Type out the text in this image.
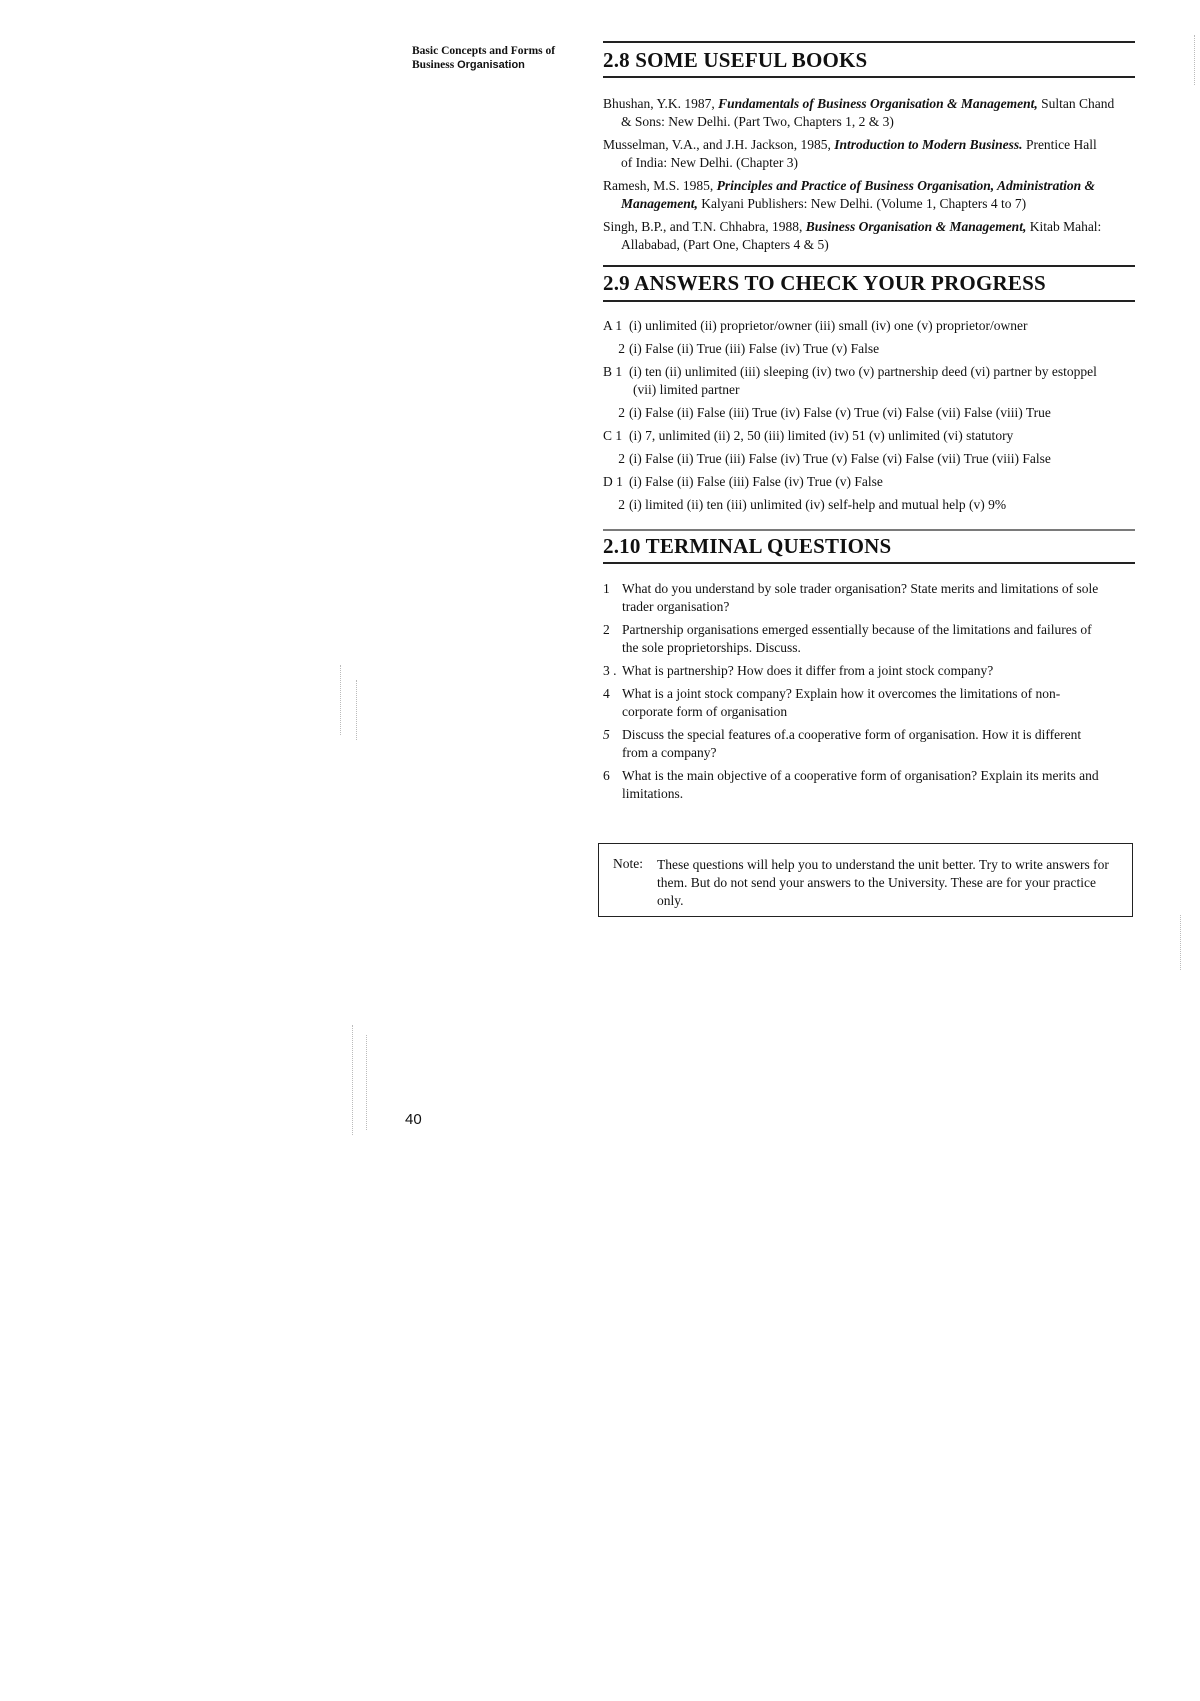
Basic Concepts and Forms of
Business Organisation	2.8 SOME USEFUL BOOKS
Bhushan, Y.K. 1987, Fundamentals of Business Organisation & Management, Sultan Chand
& Sons: New Delhi. (Part Two, Chapters 1, 2 & 3)
Musselman, V.A., and J.H. Jackson, 1985, Introduction to Modern Business. Prentice Hall
of India: New Delhi. (Chapter 3)
Ramesh, M.S. 1985, Principles and Practice of Business Organisation, Administration &
Management, Kalyani Publishers: New Delhi. (Volume 1, Chapters 4 to 7)
Singh, B.P., and T.N. Chhabra, 1988, Business Organisation & Management, Kitab Mahal:
Allababad, (Part One, Chapters 4 & 5)
2.9 ANSWERS TO CHECK YOUR PROGRESS
A 1 (i) unlimited (ii) proprietor/owner (iii) small (iv) one (v) proprietor/owner
2 (i) False (ii) True (iii) False (iv) True (v) False
B 1 (i) ten (ii) unlimited (iii) sleeping (iv) two (v) partnership deed (vi) partner by estoppel
(vii) limited partner
2 (i) False (ii) False (iii) True (iv) False (v) True (vi) False (vii) False (viii) True
C 1 (i) 7, unlimited (ii) 2, 50 (iii) limited (iv) 51 (v) unlimited (vi) statutory
2 (i) False (ii) True (iii) False (iv) True (v) False (vi) False (vii) True (viii) False
D 1 (i) False (ii) False (iii) False (iv) True (v) False
2 (i) limited (ii) ten (iii) unlimited (iv) self-help and mutual help (v) 9%
2.10 TERMINAL QUESTIONS
1 What do you understand by sole trader organisation? State merits and limitations of sole
trader organisation?
2 Partnership organisations emerged essentially because of the limitations and failures of
the sole proprietorships. Discuss.
3 . What is partnership? How does it differ from a joint stock company?
4 What is a joint stock company? Explain how it overcomes the limitations of non-
corporate form of organisation
5 Discuss the special features of.a cooperative form of organisation. How it is different
from a company?
6 What is the main objective of a cooperative form of organisation? Explain its merits and
limitations.
Note: These questions will help you to understand the unit better. Try to write answers for them. But do not send your answers to the University. These are for your practice only.
40
